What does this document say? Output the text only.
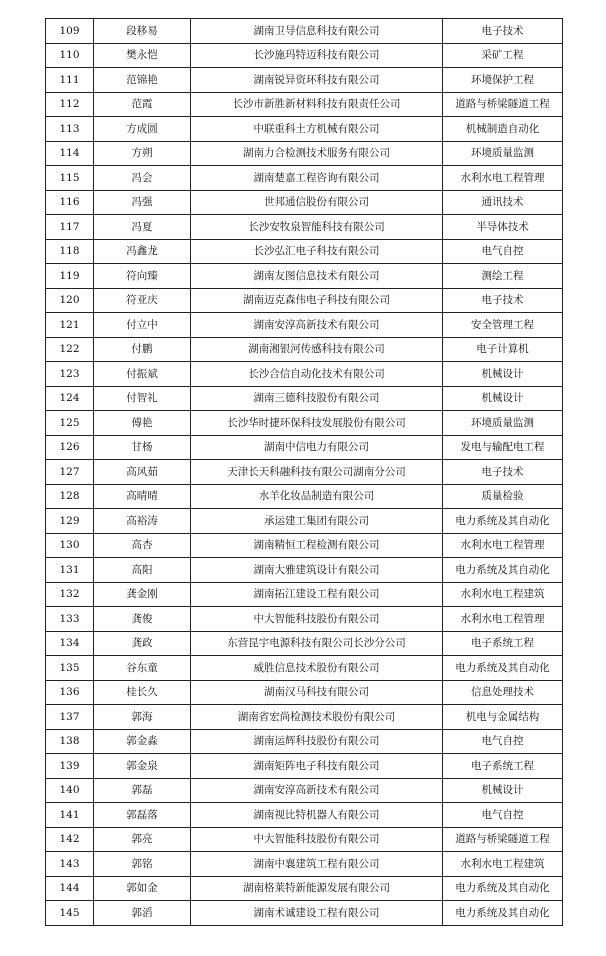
109	段移易	湖南卫导信息科技有限公司	电子技术
110	樊永恺	长沙施玛特迈科技有限公司	采矿工程
111	范锦艳	湖南锐异资环科技有限公司	环境保护工程
112	范霞	长沙市新胜新材料科技有限责任公司	道路与桥梁隧道工程
113	方成圆	中联重科土方机械有限公司	机械制造自动化
114	方朔	湖南力合检测技术服务有限公司	环境质量监测
115	冯会	湖南楚嘉工程咨询有限公司	水利水电工程管理
116	冯强	世邦通信股份有限公司	通讯技术
117	冯夏	长沙安牧泉智能科技有限公司	半导体技术
118	冯鑫龙	长沙弘汇电子科技有限公司	电气自控
119	符向臻	湖南友图信息技术有限公司	测绘工程
120	符亚庆	湖南迈克森伟电子科技有限公司	电子技术
121	付立中	湖南安淳高新技术有限公司	安全管理工程
122	付鹏	湖南湘银河传感科技有限公司	电子计算机
123	付振斌	长沙合信自动化技术有限公司	机械设计
124	付智礼	湖南三德科技股份有限公司	机械设计
125	傅艳	长沙华时捷环保科技发展股份有限公司	环境质量监测
126	甘杨	湖南中信电力有限公司	发电与输配电工程
127	高风茹	天津长天科融科技有限公司湖南分公司	电子技术
128	高晴晴	水羊化妆品制造有限公司	质量检验
129	高裕涛	承运建工集团有限公司	电力系统及其自动化
130	高杏	湖南精恒工程检测有限公司	水利水电工程管理
131	高阳	湖南大雅建筑设计有限公司	电力系统及其自动化
132	龚金刚	湖南拓江建设工程有限公司	水利水电工程建筑
133	龚俊	中大智能科技股份有限公司	水利水电工程管理
134	龚政	东营昆宇电源科技有限公司长沙分公司	电子系统工程
135	谷东童	威胜信息技术股份有限公司	电力系统及其自动化
136	桂长久	湖南汉马科技有限公司	信息处理技术
137	郭海	湖南省宏尚检测技术股份有限公司	机电与金属结构
138	郭金淼	湖南运辉科技股份有限公司	电气自控
139	郭金泉	湖南矩阵电子科技有限公司	电子系统工程
140	郭磊	湖南安淳高新技术有限公司	机械设计
141	郭磊落	湖南视比特机器人有限公司	电气自控
142	郭亮	中大智能科技股份有限公司	道路与桥梁隧道工程
143	郭铭	湖南中襄建筑工程有限公司	水利水电工程建筑
144	郭如金	湖南格莱特新能源发展有限公司	电力系统及其自动化
145	郭滔	湖南术诚建设工程有限公司	电力系统及其自动化
